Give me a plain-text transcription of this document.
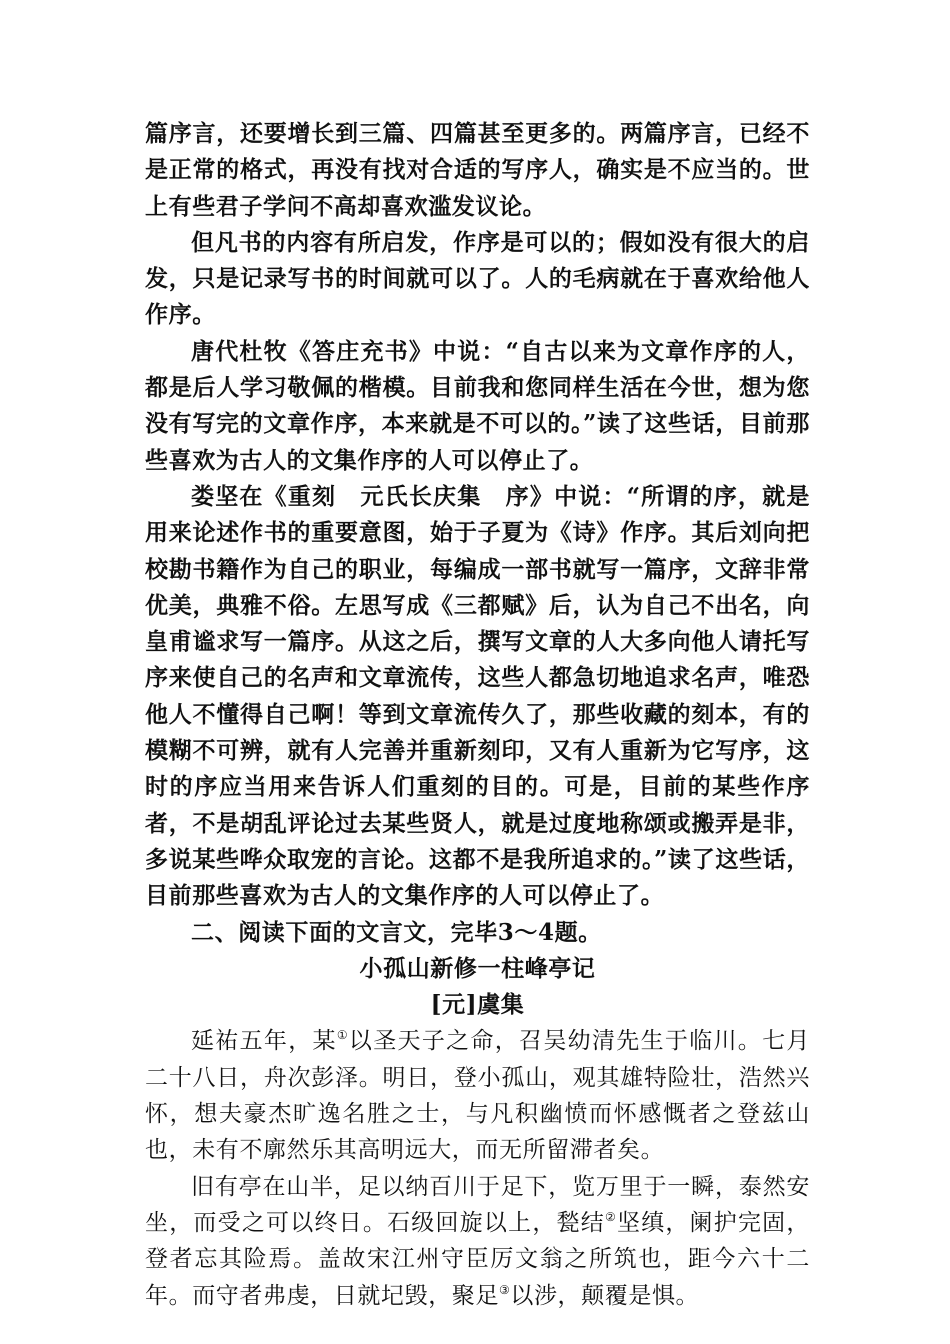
篇序言，还要增长到三篇、四篇甚至更多的。两篇序言，已经不是正常的格式，再没有找对合适的写序人，确实是不应当的。世上有些君子学问不高却喜欢滥发议论。

但凡书的内容有所启发，作序是可以的；假如没有很大的启发，只是记录写书的时间就可以了。人的毛病就在于喜欢给他人作序。

唐代杜牧《答庄充书》中说：“自古以来为文章作序的人，都是后人学习敬佩的楷模。目前我和您同样生活在今世，想为您没有写完的文章作序，本来就是不可以的。”读了这些话，目前那些喜欢为古人的文集作序的人可以停止了。

娄坚在《重刻　元氏长庆集　序》中说：“所谓的序，就是用来论述作书的重要意图，始于子夏为《诗》作序。其后刘向把校勘书籍作为自己的职业，每编成一部书就写一篇序，文辞非常优美，典雅不俗。左思写成《三都赋》后，认为自己不出名，向皇甫谧求写一篇序。从这之后，撰写文章的人大多向他人请托写序来使自己的名声和文章流传，这些人都急切地追求名声，唯恐他人不懂得自己啊！等到文章流传久了，那些收藏的刻本，有的模糊不可辨，就有人完善并重新刻印，又有人重新为它写序，这时的序应当用来告诉人们重刻的目的。可是，目前的某些作序者，不是胡乱评论过去某些贤人，就是过度地称颂或搬弄是非，多说某些哗众取宠的言论。这都不是我所追求的。”读了这些话，目前那些喜欢为古人的文集作序的人可以停止了。

二、阅读下面的文言文，完毕3～4题。

小孤山新修一柱峰亭记

[元]虞集

延祐五年，某①以圣天子之命，召吴幼清先生于临川。七月二十八日，舟次彭泽。明日，登小孤山，观其雄特险壮，浩然兴怀，想夫豪杰旷逸名胜之士，与凡积幽愤而怀感慨者之登兹山也，未有不廓然乐其高明远大，而无所留滞者矣。

旧有亭在山半，足以纳百川于足下，览万里于一瞬，泰然安坐，而受之可以终日。石级回旋以上，甃结②坚缜，阑护完固，登者忘其险焉。盖故宋江州守臣厉文翁之所筑也，距今六十二年。而守者弗虔，日就圮毁，聚足③以涉，颠覆是惧。
